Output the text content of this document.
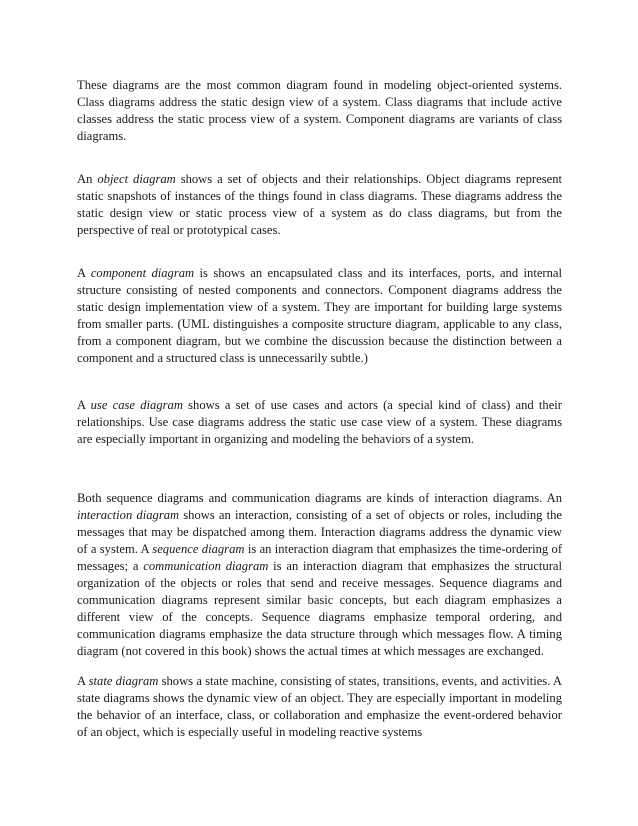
These diagrams are the most common diagram found in modeling object-oriented systems. Class diagrams address the static design view of a system. Class diagrams that include active classes address the static process view of a system. Component diagrams are variants of class diagrams.

An object diagram shows a set of objects and their relationships. Object diagrams represent static snapshots of instances of the things found in class diagrams. These diagrams address the static design view or static process view of a system as do class diagrams, but from the perspective of real or prototypical cases.

A component diagram is shows an encapsulated class and its interfaces, ports, and internal structure consisting of nested components and connectors. Component diagrams address the static design implementation view of a system. They are important for building large systems from smaller parts. (UML distinguishes a composite structure diagram, applicable to any class, from a component diagram, but we combine the discussion because the distinction between a component and a structured class is unnecessarily subtle.)

A use case diagram shows a set of use cases and actors (a special kind of class) and their relationships. Use case diagrams address the static use case view of a system. These diagrams are especially important in organizing and modeling the behaviors of a system.

Both sequence diagrams and communication diagrams are kinds of interaction diagrams. An interaction diagram shows an interaction, consisting of a set of objects or roles, including the messages that may be dispatched among them. Interaction diagrams address the dynamic view of a system. A sequence diagram is an interaction diagram that emphasizes the time-ordering of messages; a communication diagram is an interaction diagram that emphasizes the structural organization of the objects or roles that send and receive messages. Sequence diagrams and communication diagrams represent similar basic concepts, but each diagram emphasizes a different view of the concepts. Sequence diagrams emphasize temporal ordering, and communication diagrams emphasize the data structure through which messages flow. A timing diagram (not covered in this book) shows the actual times at which messages are exchanged.

A state diagram shows a state machine, consisting of states, transitions, events, and activities. A state diagrams shows the dynamic view of an object. They are especially important in modeling the behavior of an interface, class, or collaboration and emphasize the event-ordered behavior of an object, which is especially useful in modeling reactive systems
